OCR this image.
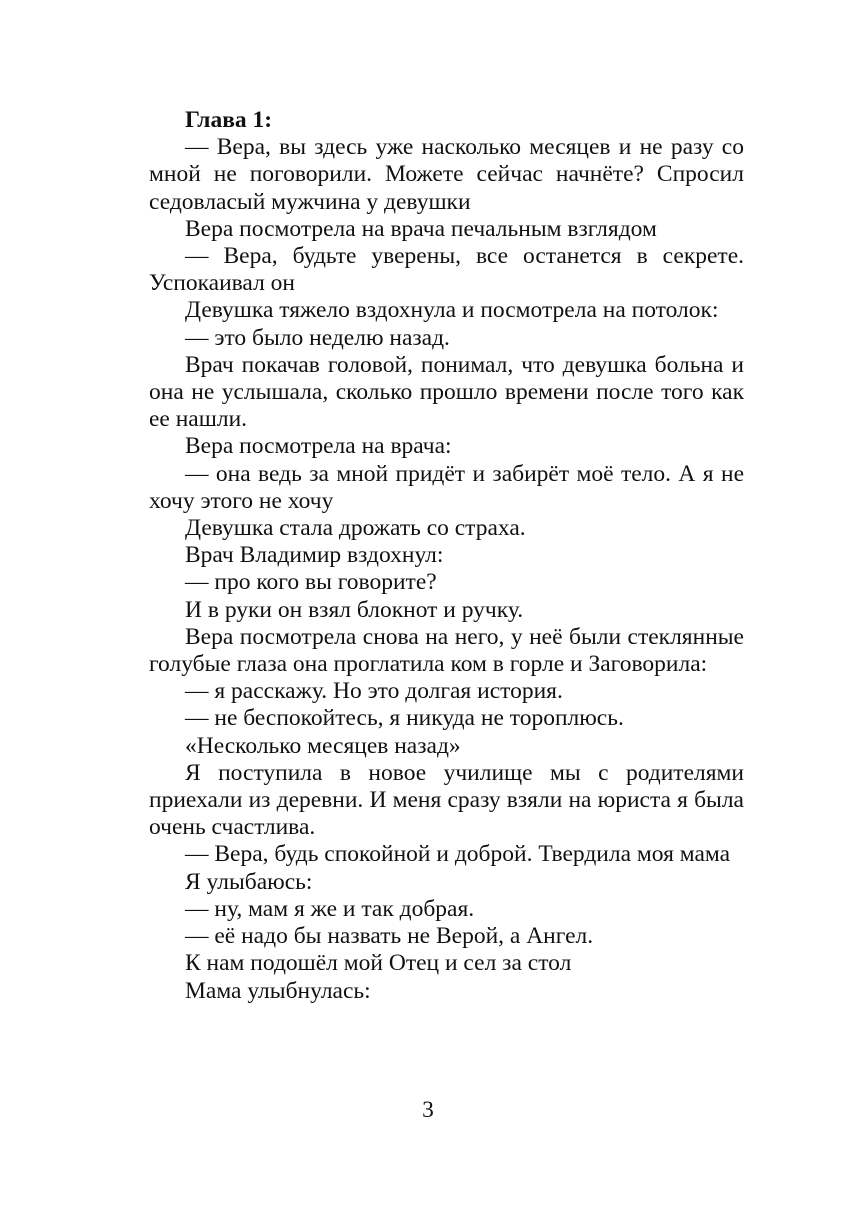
Глава 1:

— Вера, вы здесь уже насколько месяцев и не разу со мной не поговорили. Можете сейчас начнёте? Спросил седовласый мужчина у девушки

Вера посмотрела на врача печальным взглядом

— Вера, будьте уверены, все останется в секрете. Успокаивал он

Девушка тяжело вздохнула и посмотрела на потолок:

— это было неделю назад.

Врач покачав головой, понимал, что девушка больна и она не услышала, сколько прошло времени после того как ее нашли.

Вера посмотрела на врача:

— она ведь за мной придёт и забирёт моё тело. А я не хочу этого не хочу

Девушка стала дрожать со страха.

Врач Владимир вздохнул:

— про кого вы говорите?

И в руки он взял блокнот и ручку.

Вера посмотрела снова на него, у неё были стеклянные голубые глаза она проглатила ком в горле и Заговорила:

— я расскажу. Но это долгая история.

— не беспокойтесь, я никуда не тороплюсь.

«Несколько месяцев назад»

Я поступила в новое училище мы с родителями приехали из деревни. И меня сразу взяли на юриста я была очень счастлива.

— Вера, будь спокойной и доброй. Твердила моя мама

Я улыбаюсь:

— ну, мам я же и так добрая.

— её надо бы назвать не Верой, а Ангел.

К нам подошёл мой Отец и сел за стол

Мама улыбнулась:

3
